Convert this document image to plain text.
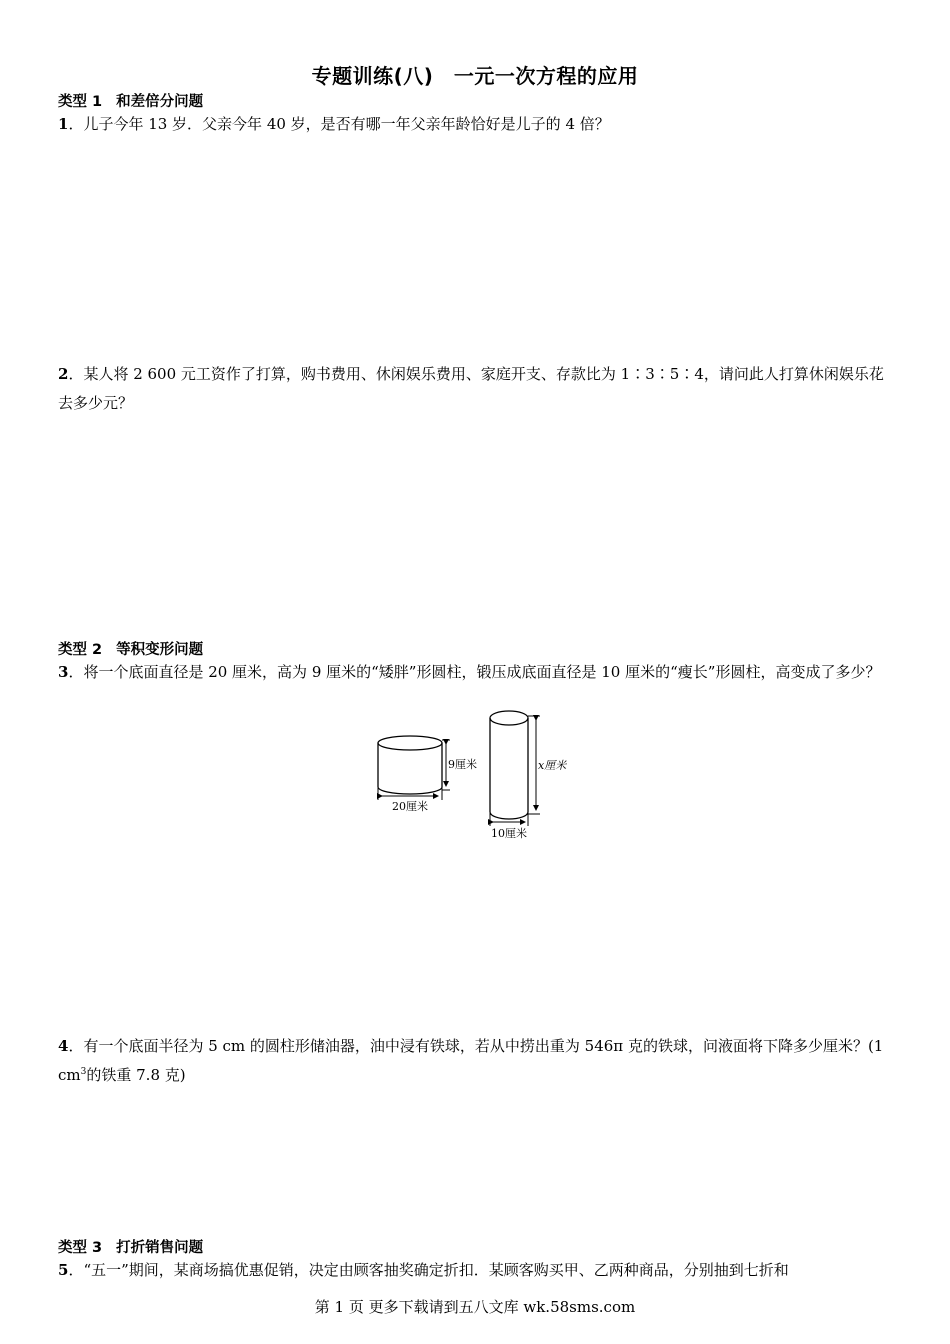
专题训练(八)　一元一次方程的应用
类型 1 和差倍分问题
1．儿子今年 13 岁．父亲今年 40 岁，是否有哪一年父亲年龄恰好是儿子的 4 倍？
2．某人将 2 600 元工资作了打算，购书费用、休闲娱乐费用、家庭开支、存款比为 1∶3∶5∶4，请问此人打算休闲娱乐花去多少元？
类型 2 等积变形问题
3．将一个底面直径是 20 厘米，高为 9 厘米的“矮胖”形圆柱，锻压成底面直径是 10 厘米的“瘦长”形圆柱，高变成了多少？
9厘米
20厘米
x厘米
10厘米
4．有一个底面半径为 5 cm 的圆柱形储油器，油中浸有铁球，若从中捞出重为 546π 克的铁球，问液面将下降多少厘米？(1 $cm^3$的铁重 7.8 克)
类型 3 打折销售问题
5．“五一”期间，某商场搞优惠促销，决定由顾客抽奖确定折扣．某顾客购买甲、乙两种商品，分别抽到七折和
第 1 页 更多下载请到五八文库 wk.58sms.com
